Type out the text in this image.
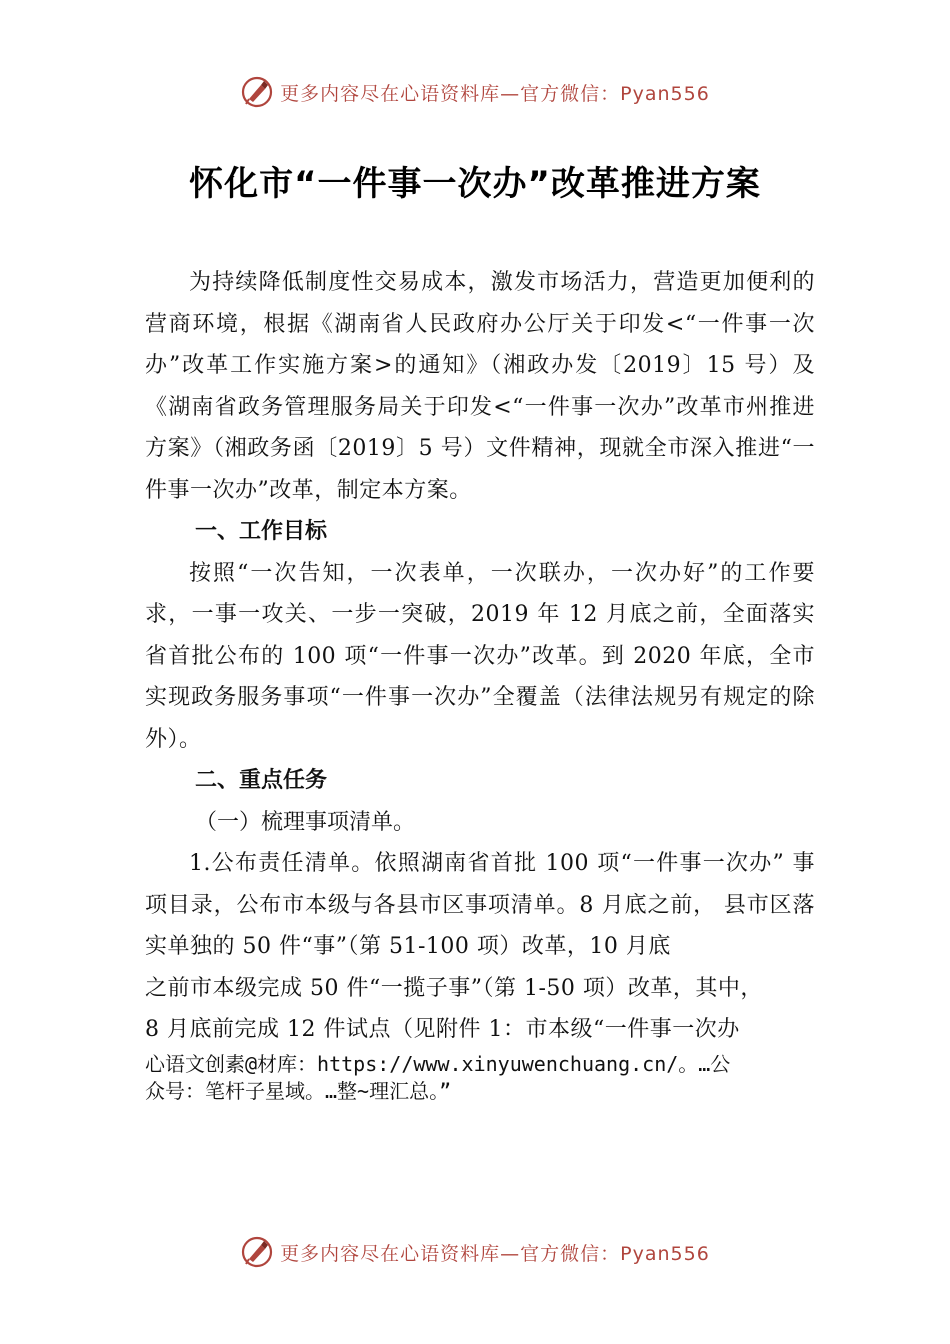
更多内容尽在心语资料库—官方微信：Pyan556
怀化市“一件事一次办”改革推进方案

为持续降低制度性交易成本，激发市场活力，营造更加便利的营商环境，根据《湖南省人民政府办公厅关于印发<“一件事一次办”改革工作实施方案>的通知》（湘政办发〔2019〕15 号）及《湖南省政务管理服务局关于印发<“一件事一次办”改革市州推进方案》（湘政务函〔2019〕5 号）文件精神，现就全市深入推进“一件事一次办”改革，制定本方案。

一、工作目标

按照“一次告知，一次表单，一次联办，一次办好”的工作要求，一事一攻关、一步一突破，2019 年 12 月底之前，全面落实省首批公布的 100 项“一件事一次办”改革。到 2020 年底，全市实现政务服务事项“一件事一次办”全覆盖（法律法规另有规定的除外）。

二、重点任务

（一）梳理事项清单。

1.公布责任清单。依照湖南省首批 100 项“一件事一次办” 事项目录，公布市本级与各县市区事项清单。8 月底之前， 县市区落实单独的 50 件“事”（第 51-100 项）改革，10 月底

之前市本级完成 50 件“一揽子事”（第 1-50 项）改革，其中，

8 月底前完成 12 件试点（见附件 1：市本级“一件事一次办

心语文创素@材库：https://www.xinyuwenchuang.cn/。…公

众号：笔杆子星域。…整~理汇总。”

更多内容尽在心语资料库—官方微信：Pyan556
